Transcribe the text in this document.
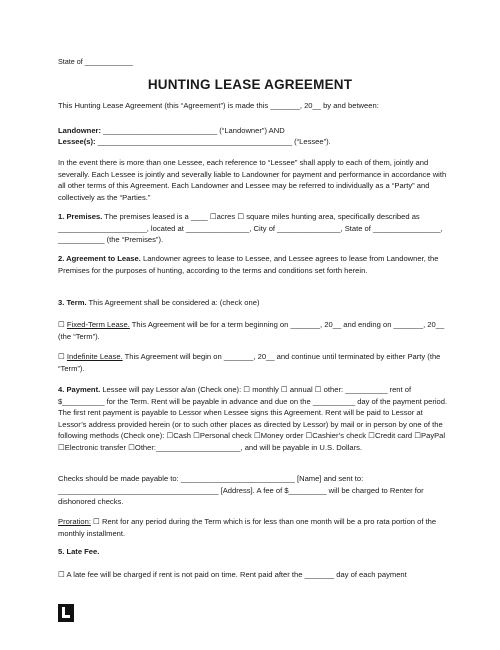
State of ____________
HUNTING LEASE AGREEMENT
This Hunting Lease Agreement (this “Agreement”) is made this _______, 20__ by and between:
Landowner: ___________________________ (“Landowner”) AND
Lessee(s): ______________________________________________ (“Lessee”).
In the event there is more than one Lessee, each reference to “Lessee” shall apply to each of them, jointly and severally. Each Lessee is jointly and severally liable to Landowner for payment and performance in accordance with all other terms of this Agreement. Each Landowner and Lessee may be referred to individually as a “Party” and collectively as the “Parties.”
1. Premises. The premises leased is a ____ ☐acres ☐ square miles hunting area, specifically described as _____________________, located at _______________, City of _______________, State of ________________, ___________ (the “Premises”).
2. Agreement to Lease. Landowner agrees to lease to Lessee, and Lessee agrees to lease from Landowner, the Premises for the purposes of hunting, according to the terms and conditions set forth herein.
3. Term. This Agreement shall be considered a: (check one)
☐ Fixed-Term Lease. This Agreement will be for a term beginning on _______, 20__ and ending on _______, 20__ (the “Term”).
☐ Indefinite Lease. This Agreement will begin on _______, 20__ and continue until terminated by either Party (the “Term”).
4. Payment. Lessee will pay Lessor a/an (Check one): ☐ monthly ☐ annual ☐ other: __________ rent of $__________ for the Term. Rent will be payable in advance and due on the __________ day of the payment period. The first rent payment is payable to Lessor when Lessee signs this Agreement. Rent will be paid to Lessor at Lessor’s address provided herein (or to such other places as directed by Lessor) by mail or in person by one of the following methods (Check one): ☐Cash ☐Personal check ☐Money order ☐Cashier’s check ☐Credit card ☐PayPal ☐Electronic transfer ☐Other:____________________, and will be payable in U.S. Dollars.
Checks should be made payable to: ___________________________ [Name] and sent to: ______________________________________ [Address]. A fee of $_________ will be charged to Renter for dishonored checks.
Proration: ☐ Rent for any period during the Term which is for less than one month will be a pro rata portion of the monthly installment.
5. Late Fee.
☐ A late fee will be charged if rent is not paid on time. Rent paid after the _______ day of each payment
